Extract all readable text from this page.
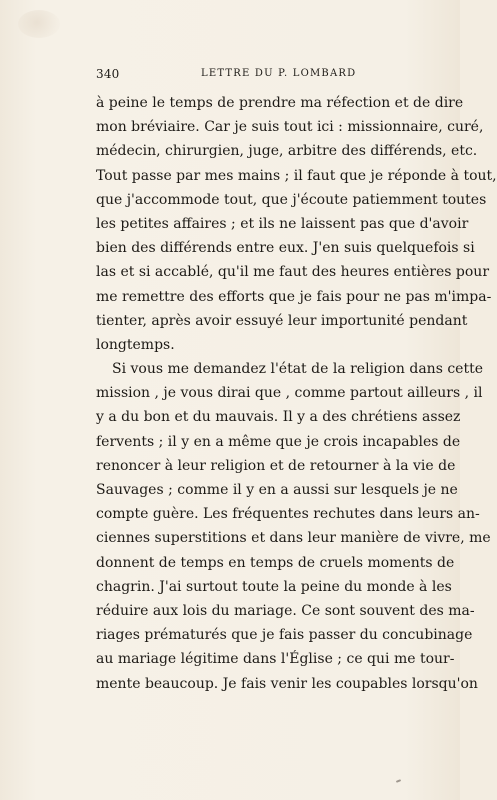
340	LETTRE DU P. LOMBARD
à peine le temps de prendre ma réfection et de dire
mon bréviaire. Car je suis tout ici : missionnaire, curé,
médecin, chirurgien, juge, arbitre des différends, etc.
Tout passe par mes mains ; il faut que je réponde à tout,
que j'accommode tout, que j'écoute patiemment toutes
les petites affaires ; et ils ne laissent pas que d'avoir
bien des différends entre eux. J'en suis quelquefois si
las et si accablé, qu'il me faut des heures entières pour
me remettre des efforts que je fais pour ne pas m'impa-
tienter, après avoir essuyé leur importunité pendant
longtemps.
Si vous me demandez l'état de la religion dans cette
mission , je vous dirai que , comme partout ailleurs , il
y a du bon et du mauvais. Il y a des chrétiens assez
fervents ; il y en a même que je crois incapables de
renoncer à leur religion et de retourner à la vie de
Sauvages ; comme il y en a aussi sur lesquels je ne
compte guère. Les fréquentes rechutes dans leurs an-
ciennes superstitions et dans leur manière de vivre, me
donnent de temps en temps de cruels moments de
chagrin. J'ai surtout toute la peine du monde à les
réduire aux lois du mariage. Ce sont souvent des ma-
riages prématurés que je fais passer du concubinage
au mariage légitime dans l'Église ; ce qui me tour-
mente beaucoup. Je fais venir les coupables lorsqu'on
